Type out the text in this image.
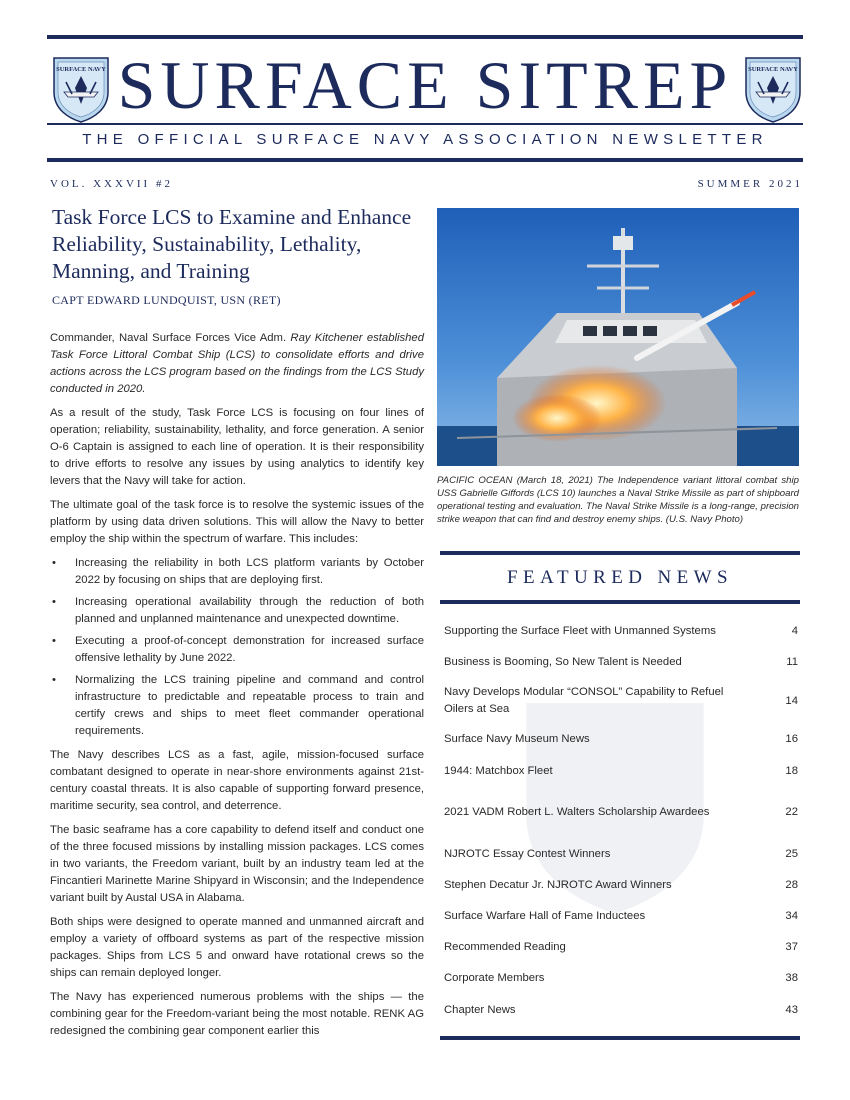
SURFACE NAVY	SURFACE NAVY
SURFACE SITREP
THE OFFICIAL SURFACE NAVY ASSOCIATION NEWSLETTER
VOL. XXXVII #2	SUMMER 2021
Task Force LCS to Examine and Enhance Reliability, Sustainability, Lethality, Manning, and Training
CAPT EDWARD LUNDQUIST, USN (RET)

Commander, Naval Surface Forces Vice Adm. Ray Kitchener established Task Force Littoral Combat Ship (LCS) to consolidate efforts and drive actions across the LCS program based on the findings from the LCS Study conducted in 2020.

As a result of the study, Task Force LCS is focusing on four lines of operation; reliability, sustainability, lethality, and force generation. A senior O-6 Captain is assigned to each line of operation. It is their responsibility to drive efforts to resolve any issues by using analytics to identify key levers that the Navy will take for action.

The ultimate goal of the task force is to resolve the systemic issues of the platform by using data driven solutions. This will allow the Navy to better employ the ship within the spectrum of warfare. This includes:

• Increasing the reliability in both LCS platform variants by October 2022 by focusing on ships that are deploying first.
• Increasing operational availability through the reduction of both planned and unplanned maintenance and unexpected downtime.
• Executing a proof-of-concept demonstration for increased surface offensive lethality by June 2022.
• Normalizing the LCS training pipeline and command and control infrastructure to predictable and repeatable process to train and certify crews and ships to meet fleet commander operational requirements.

The Navy describes LCS as a fast, agile, mission-focused surface combatant designed to operate in near-shore environments against 21st-century coastal threats. It is also capable of supporting forward presence, maritime security, sea control, and deterrence.

The basic seaframe has a core capability to defend itself and conduct one of the three focused missions by installing mission packages. LCS comes in two variants, the Freedom variant, built by an industry team led at the Fincantieri Marinette Marine Shipyard in Wisconsin; and the Independence variant built by Austal USA in Alabama.

Both ships were designed to operate manned and unmanned aircraft and employ a variety of offboard systems as part of the respective mission packages. Ships from LCS 5 and onward have rotational crews so the ships can remain deployed longer.

The Navy has experienced numerous problems with the ships — the combining gear for the Freedom-variant being the most notable. RENK AG redesigned the combining gear component earlier this

PACIFIC OCEAN (March 18, 2021) The Independence variant littoral combat ship USS Gabrielle Giffords (LCS 10) launches a Naval Strike Missile as part of shipboard operational testing and evaluation. The Naval Strike Missile is a long-range, precision strike weapon that can find and destroy enemy ships. (U.S. Navy Photo)
FEATURED NEWS
Supporting the Surface Fleet with Unmanned Systems	4
Business is Booming, So New Talent is Needed	11
Navy Develops Modular “CONSOL” Capability to Refuel Oilers at Sea
14
Surface Navy Museum News	16
1944: Matchbox Fleet	18
2021 VADM Robert L. Walters Scholarship Awardees	22
NJROTC Essay Contest Winners	25
Stephen Decatur Jr. NJROTC Award Winners	28
Surface Warfare Hall of Fame Inductees	34
Recommended Reading	37
Corporate Members	38
Chapter News	43
